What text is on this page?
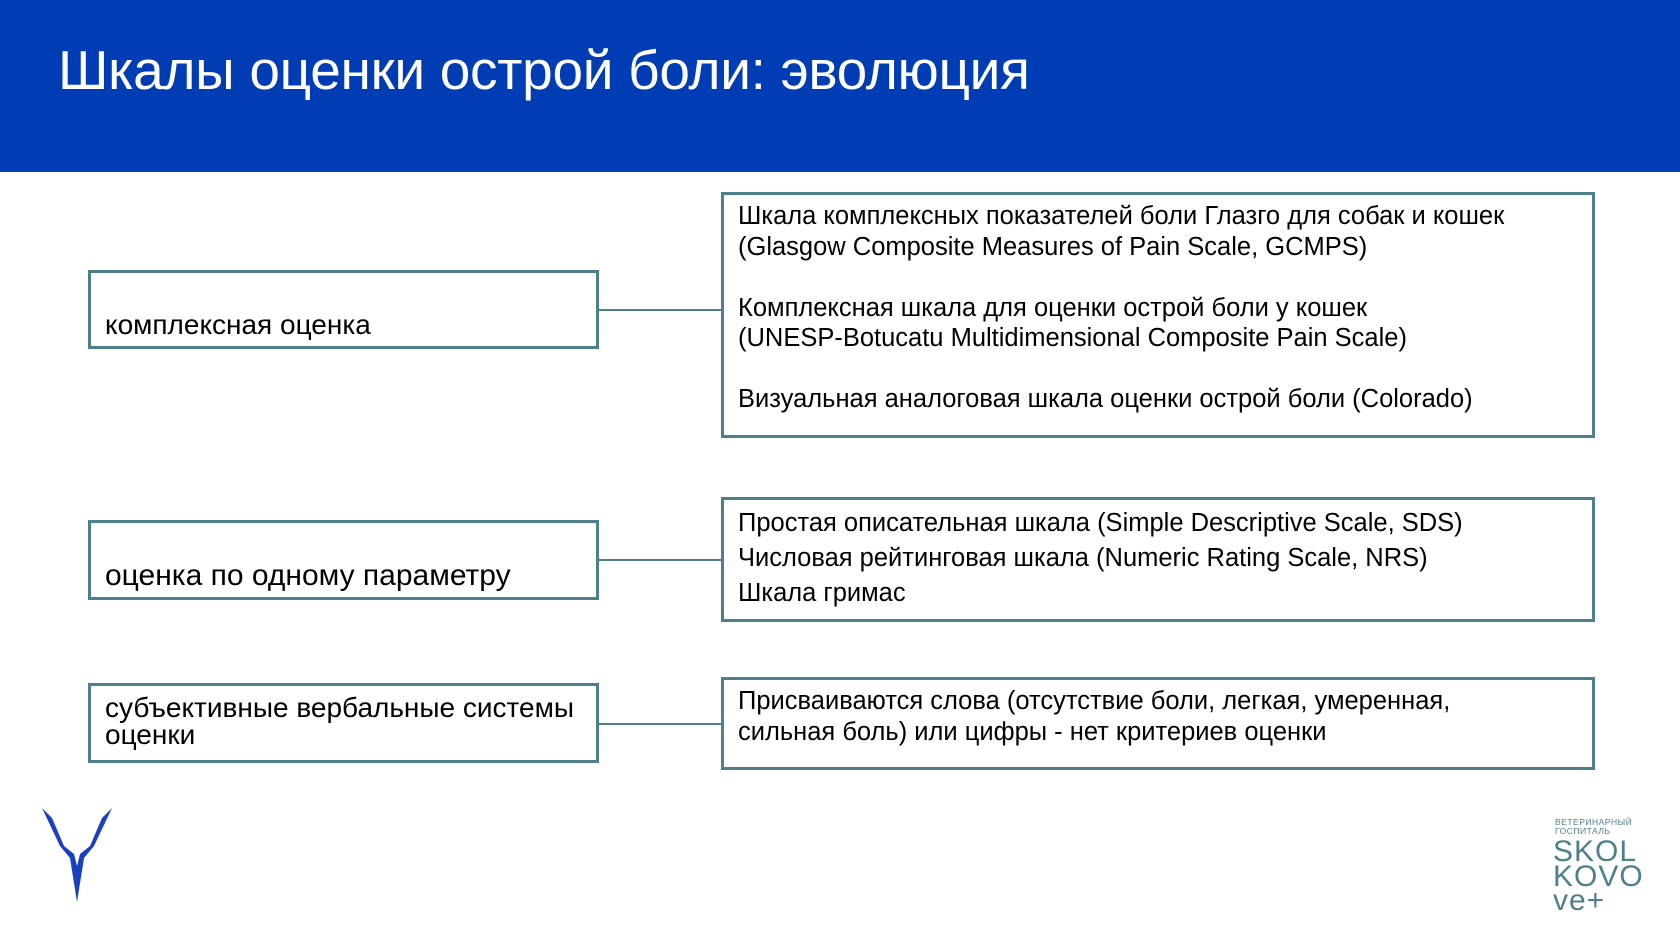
Шкалы оценки острой боли: эволюция
комплексная оценка

Шкала комплексных показателей боли Глазго для собак и кошек

(Glasgow Composite Measures of Pain Scale, GCMPS)

Комплексная шкала для оценки острой боли у кошек

(UNESP-Botucatu Multidimensional Composite Pain Scale)

Визуальная аналоговая шкала оценки острой боли (Colorado)

оценка по одному параметру

Простая описательная шкала (Simple Descriptive Scale, SDS)

Числовая рейтинговая шкала (Numeric Rating Scale, NRS)

Шкала гримас

субъективные вербальные системы
оценки

Присваиваются слова (отсутствие боли, легкая, умеренная,

сильная боль) или цифры - нет критериев оценки

ВЕТЕРИНАРНЫЙ
ГОСПИТАЛЬ
SKOL
KOVO
ve+
